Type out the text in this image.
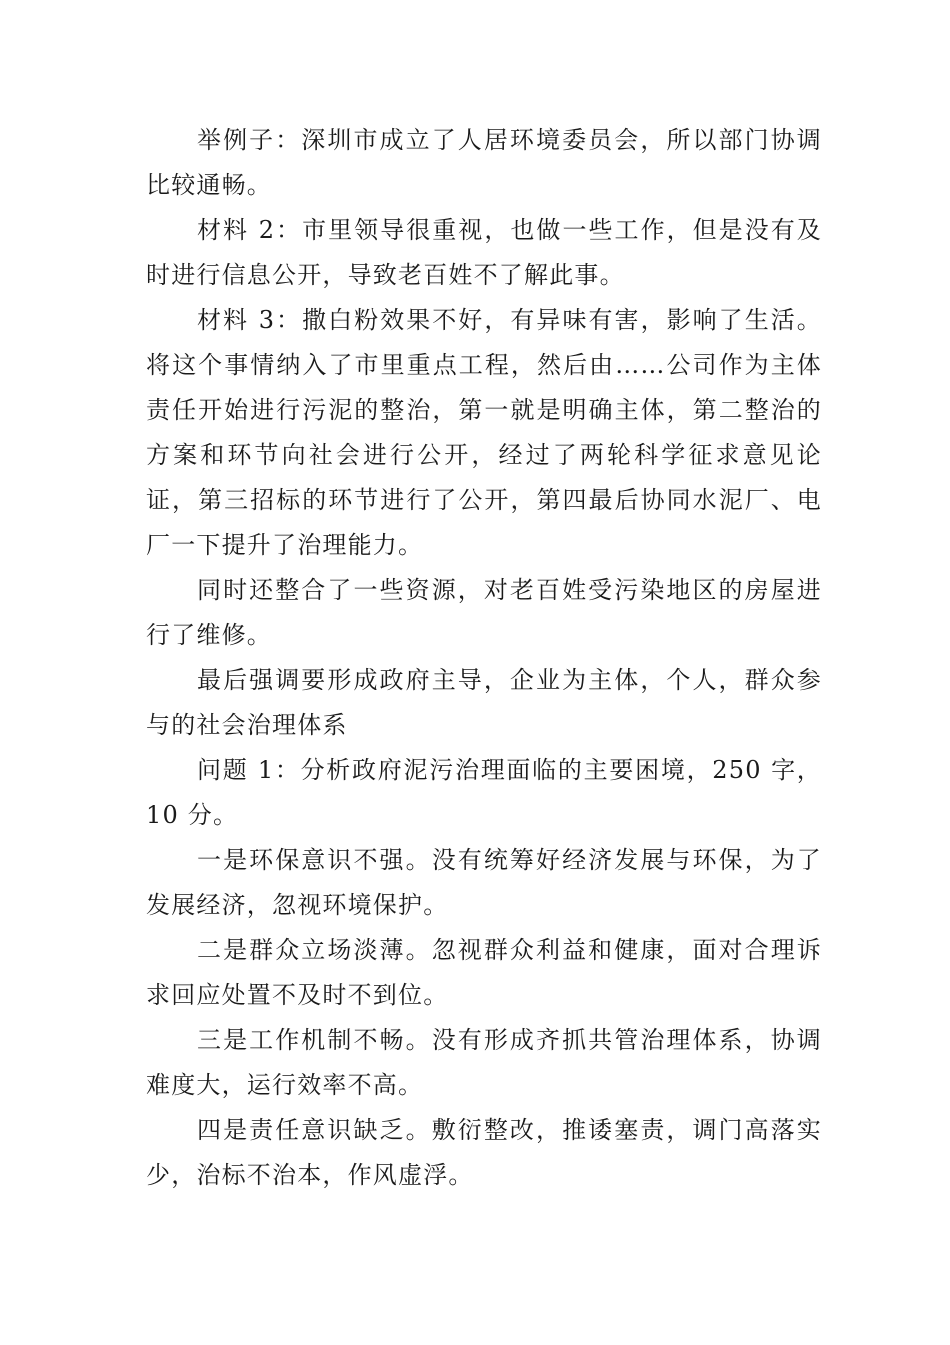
举例子：深圳市成立了人居环境委员会，所以部门协调比较通畅。

材料 2：市里领导很重视，也做一些工作，但是没有及时进行信息公开，导致老百姓不了解此事。

材料 3：撒白粉效果不好，有异味有害，影响了生活。将这个事情纳入了市里重点工程，然后由……公司作为主体责任开始进行污泥的整治，第一就是明确主体，第二整治的方案和环节向社会进行公开，经过了两轮科学征求意见论证，第三招标的环节进行了公开，第四最后协同水泥厂、电厂一下提升了治理能力。

同时还整合了一些资源，对老百姓受污染地区的房屋进行了维修。

最后强调要形成政府主导，企业为主体，个人，群众参与的社会治理体系

问题 1：分析政府泥污治理面临的主要困境，250 字，10 分。

一是环保意识不强。没有统筹好经济发展与环保，为了发展经济，忽视环境保护。

二是群众立场淡薄。忽视群众利益和健康，面对合理诉求回应处置不及时不到位。

三是工作机制不畅。没有形成齐抓共管治理体系，协调难度大，运行效率不高。

四是责任意识缺乏。敷衍整改，推诿塞责，调门高落实少，治标不治本，作风虚浮。
